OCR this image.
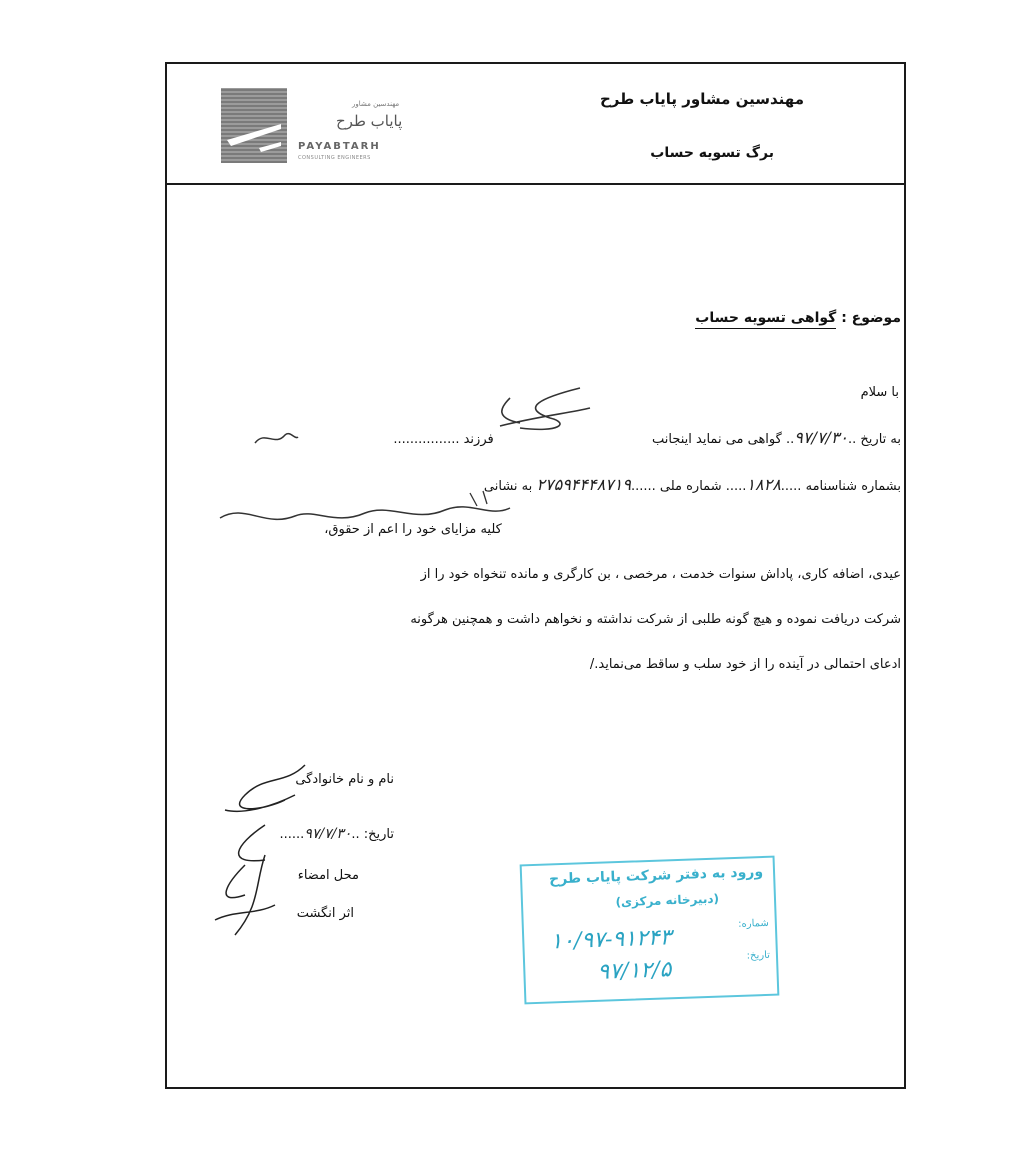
مهندسین مشاور پایاب طرح
برگ تسویه حساب
مهندسین مشاور
پایاب طرح
PAYABTARH
CONSULTING ENGINEERS
موضوع : گواهی تسویه حساب
با سلام
به تاریخ ..۹۷/۷/۳۰.. گواهی می نماید اینجانب  فرزند ................
بشماره شناسنامه .....۱۸۲۸..... شماره ملی ......۲۷۵۹۴۴۴۸۷۱۹ به نشانی
کلیه مزایای خود را اعم از حقوق،
عیدی، اضافه کاری، پاداش سنوات خدمت ، مرخصی ، بن کارگری و مانده تنخواه خود را از
شرکت دریافت نموده و هیچ گونه طلبی از شرکت نداشته و نخواهم داشت و همچنین هرگونه
ادعای احتمالی در آینده را از خود سلب و ساقط می‌نماید./
نام و نام خانوادگی
تاریخ: ..۹۷/۷/۳۰......
محل امضاء
اثر انگشت
ورود به دفتر شرکت پایاب طرح
(دبیرخانه مرکزی)
شماره:
۱۰/۹۷-۹۱۲۴۳
تاریخ:
۹۷/۱۲/۵
